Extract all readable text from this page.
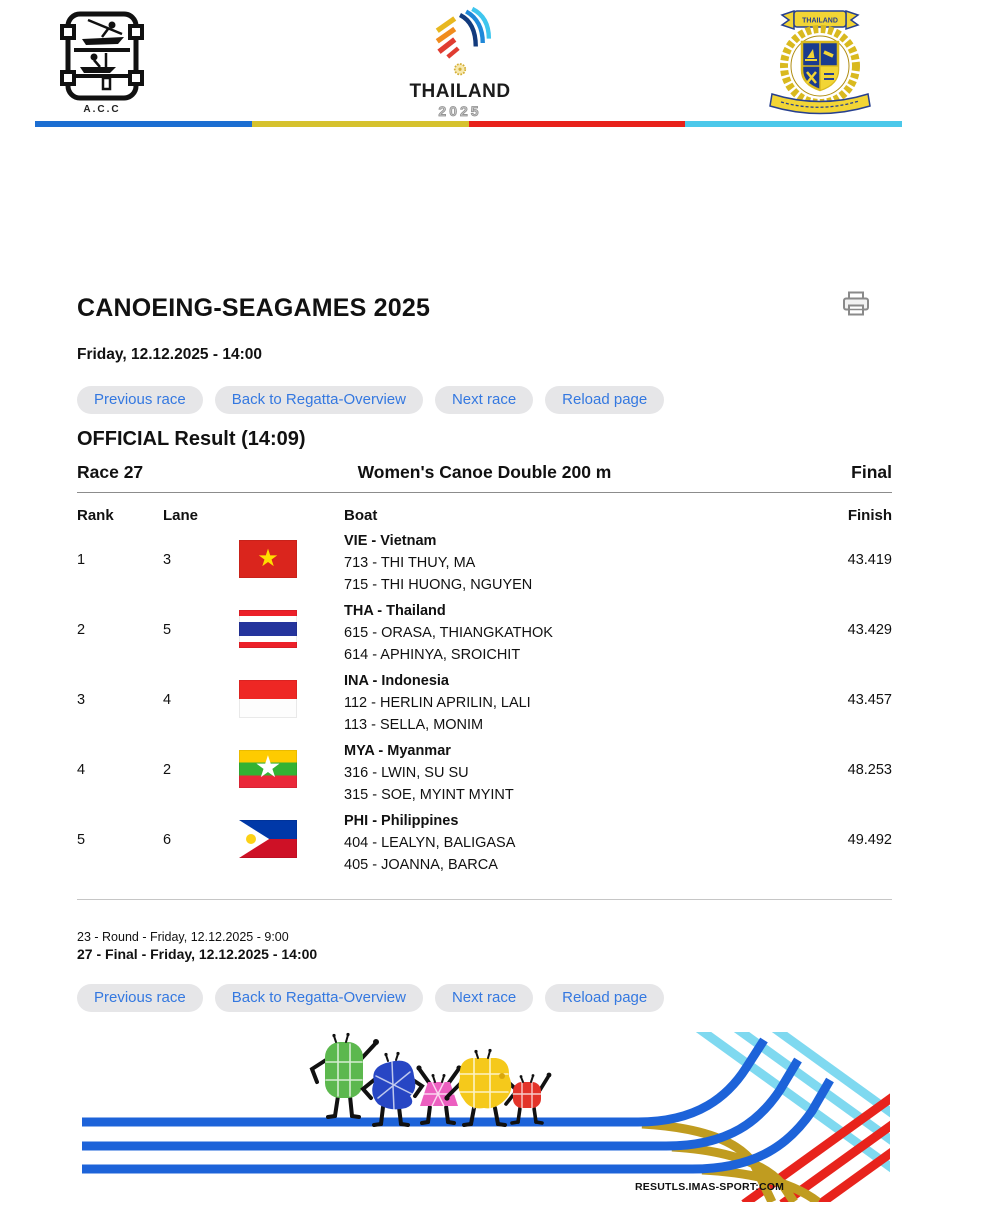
A.C.C
THAILAND
2025
THAILAND
CANOEING-SEAGAMES 2025
Friday, 12.12.2025 - 14:00
Previous race	Back to Regatta-Overview	Next race	Reload page
OFFICIAL Result (14:09)
Race 27	Women's Canoe Double 200 m	Final
Rank	Lane	Boat	Finish
1	3	★
VIE - Vietnam
713 - THI THUY, MA
715 - THI HUONG, NGUYEN
43.419
2	5
THA - Thailand
615 - ORASA, THIANGKATHOK
614 - APHINYA, SROICHIT
43.429
3	4
INA - Indonesia
112 - HERLIN APRILIN, LALI
113 - SELLA, MONIM
43.457
4	2	★	MYA - Myanmar
316 - LWIN, SU SU
315 - SOE, MYINT MYINT
48.253
5	6
PHI - Philippines
404 - LEALYN, BALIGASA
405 - JOANNA, BARCA
49.492
23 - Round - Friday, 12.12.2025 - 9:00
27 - Final - Friday, 12.12.2025 - 14:00
Previous race	Back to Regatta-Overview	Next race	Reload page
RESUTLS.IMAS-SPORT:COM
